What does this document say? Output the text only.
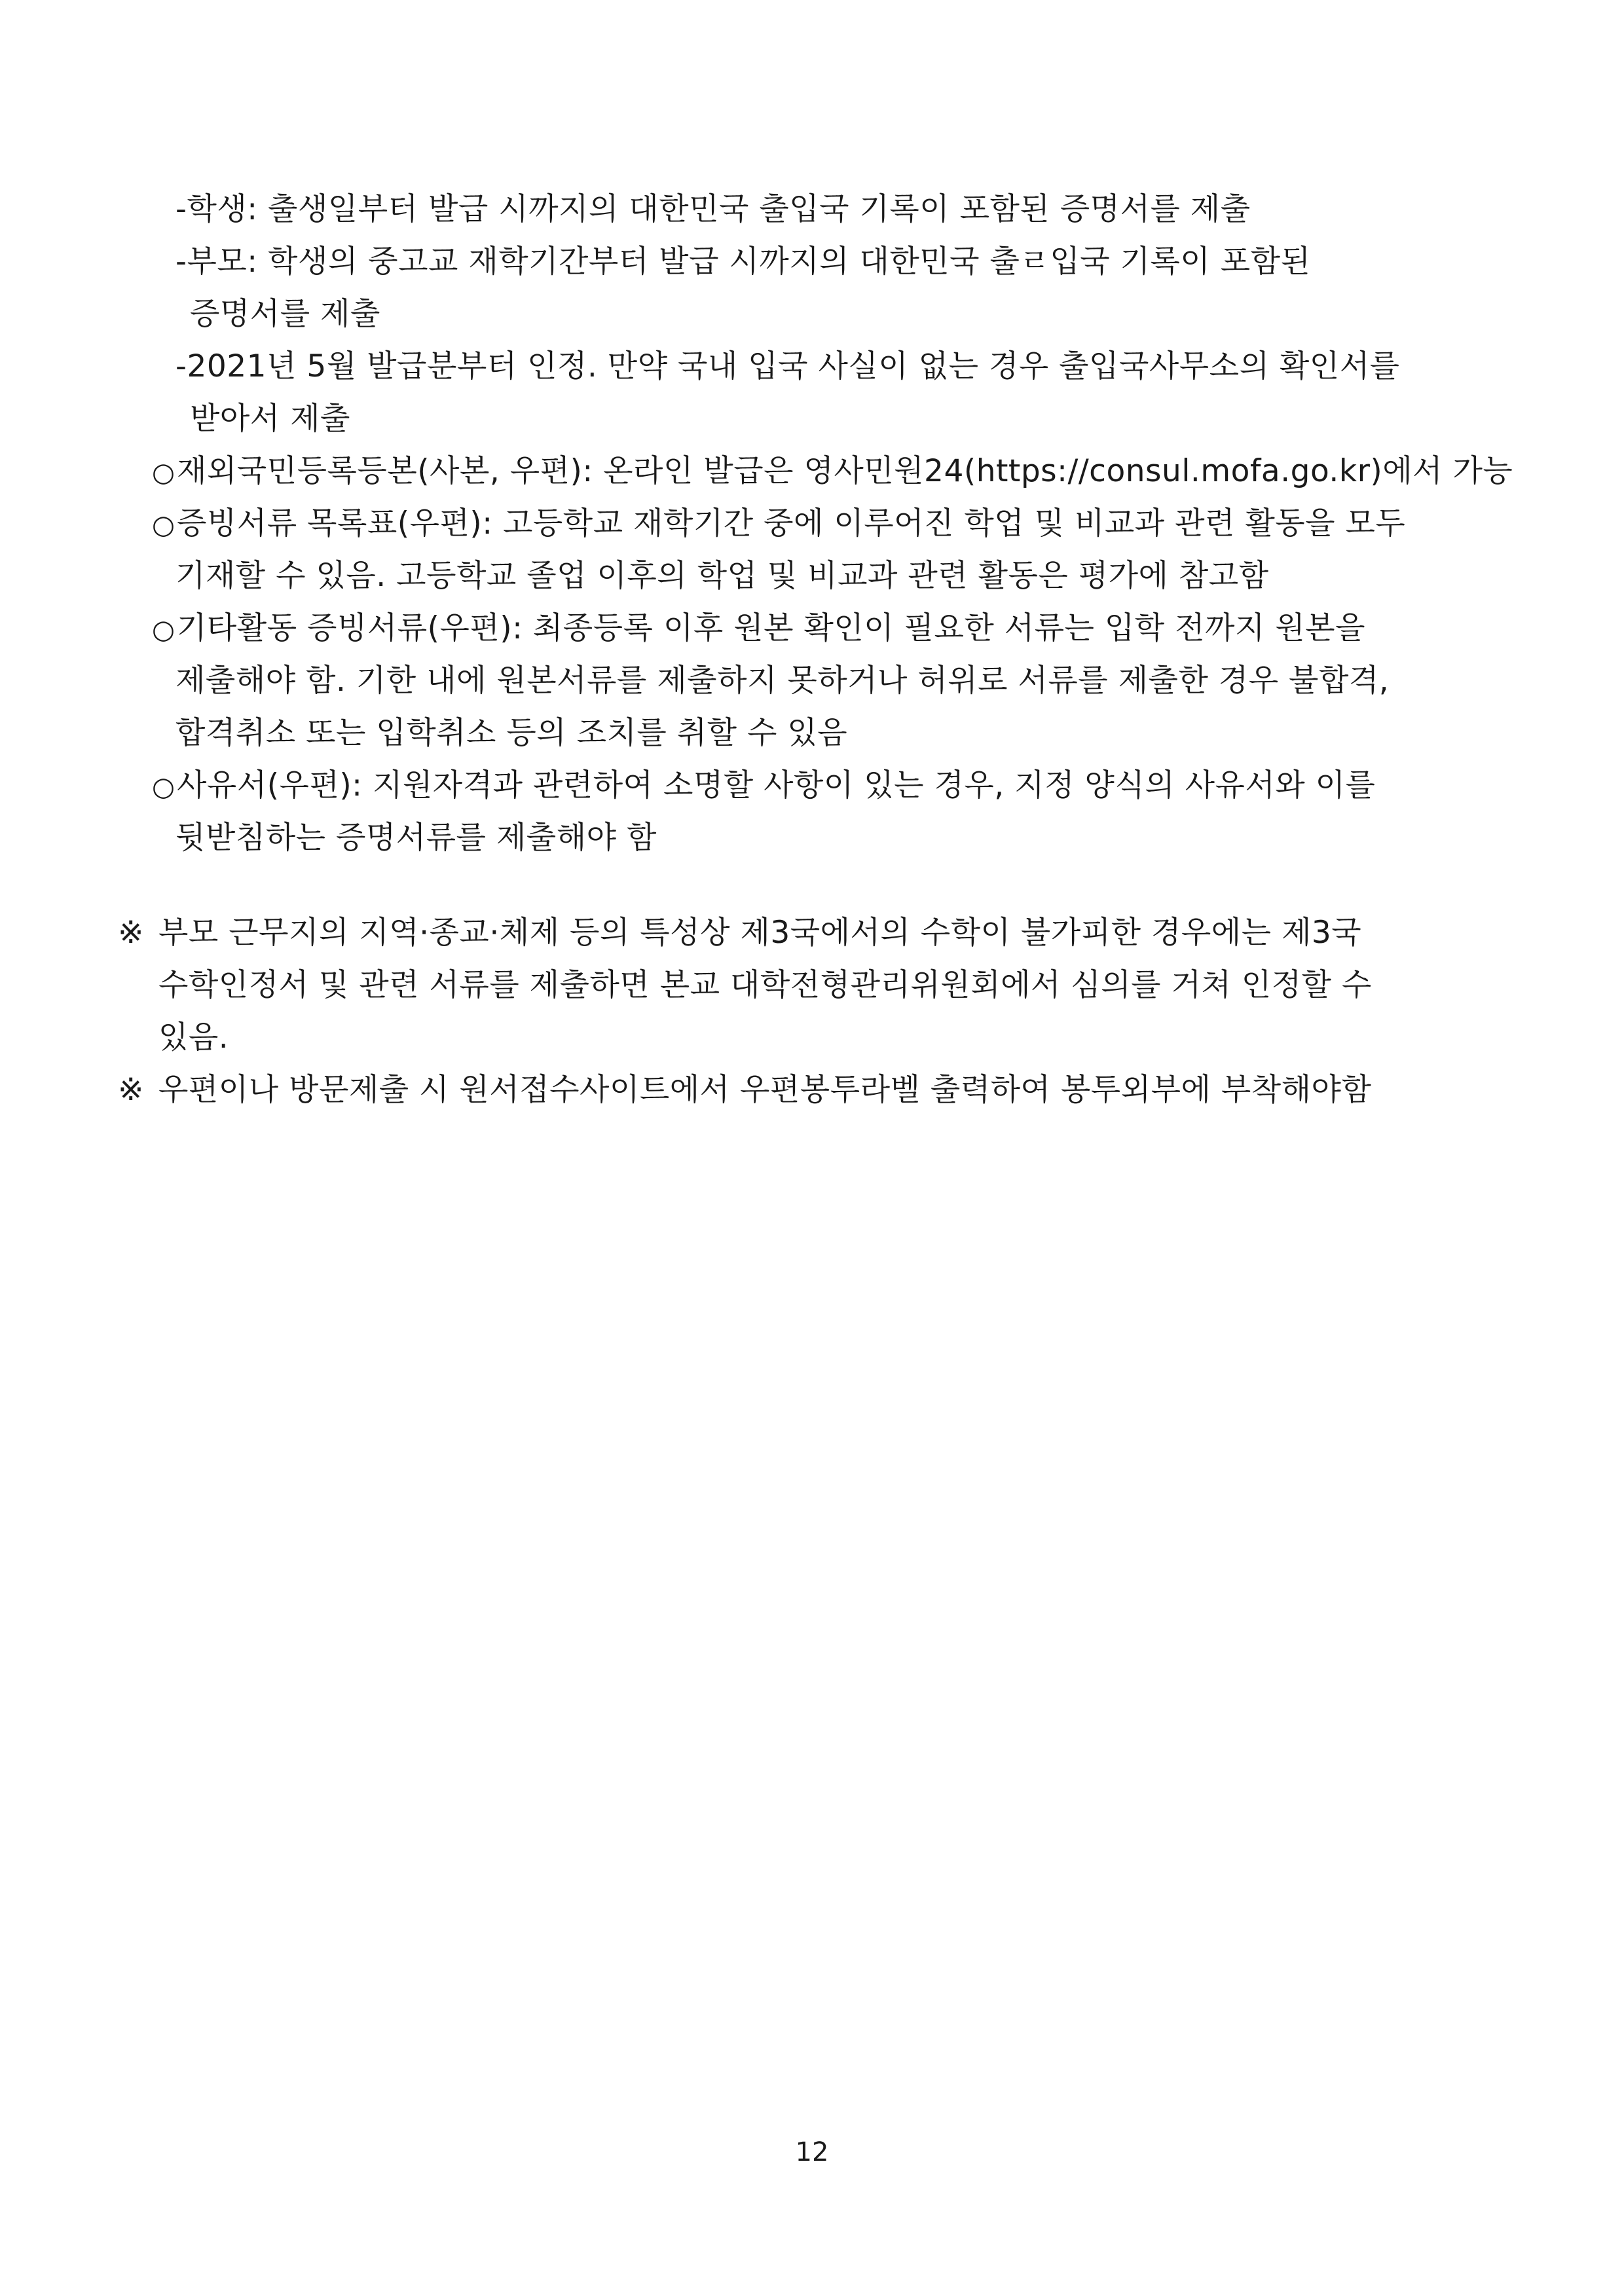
-학생: 출생일부터 발급 시까지의 대한민국 출입국 기록이 포함된 증명서를 제출
-부모: 학생의 중고교 재학기간부터 발급 시까지의 대한민국 출ㄹ입국 기록이 포함된
증명서를 제출
-2021년 5월 발급분부터 인정. 만약 국내 입국 사실이 없는 경우 출입국사무소의 확인서를
받아서 제출
○재외국민등록등본(사본, 우편): 온라인 발급은 영사민원24(https://consul.mofa.go.kr)에서 가능
○증빙서류 목록표(우편): 고등학교 재학기간 중에 이루어진 학업 및 비교과 관련 활동을 모두
기재할 수 있음. 고등학교 졸업 이후의 학업 및 비교과 관련 활동은 평가에 참고함
○기타활동 증빙서류(우편): 최종등록 이후 원본 확인이 필요한 서류는 입학 전까지 원본을
제출해야 함. 기한 내에 원본서류를 제출하지 못하거나 허위로 서류를 제출한 경우 불합격,
합격취소 또는 입학취소 등의 조치를 취할 수 있음
○사유서(우편): 지원자격과 관련하여 소명할 사항이 있는 경우, 지정 양식의 사유서와 이를
뒷받침하는 증명서류를 제출해야 함
※ 부모 근무지의 지역·종교·체제 등의 특성상 제3국에서의 수학이 불가피한 경우에는 제3국
수학인정서 및 관련 서류를 제출하면 본교 대학전형관리위원회에서 심의를 거쳐 인정할 수
있음.
※ 우편이나 방문제출 시 원서접수사이트에서 우편봉투라벨 출력하여 봉투외부에 부착해야함
12
